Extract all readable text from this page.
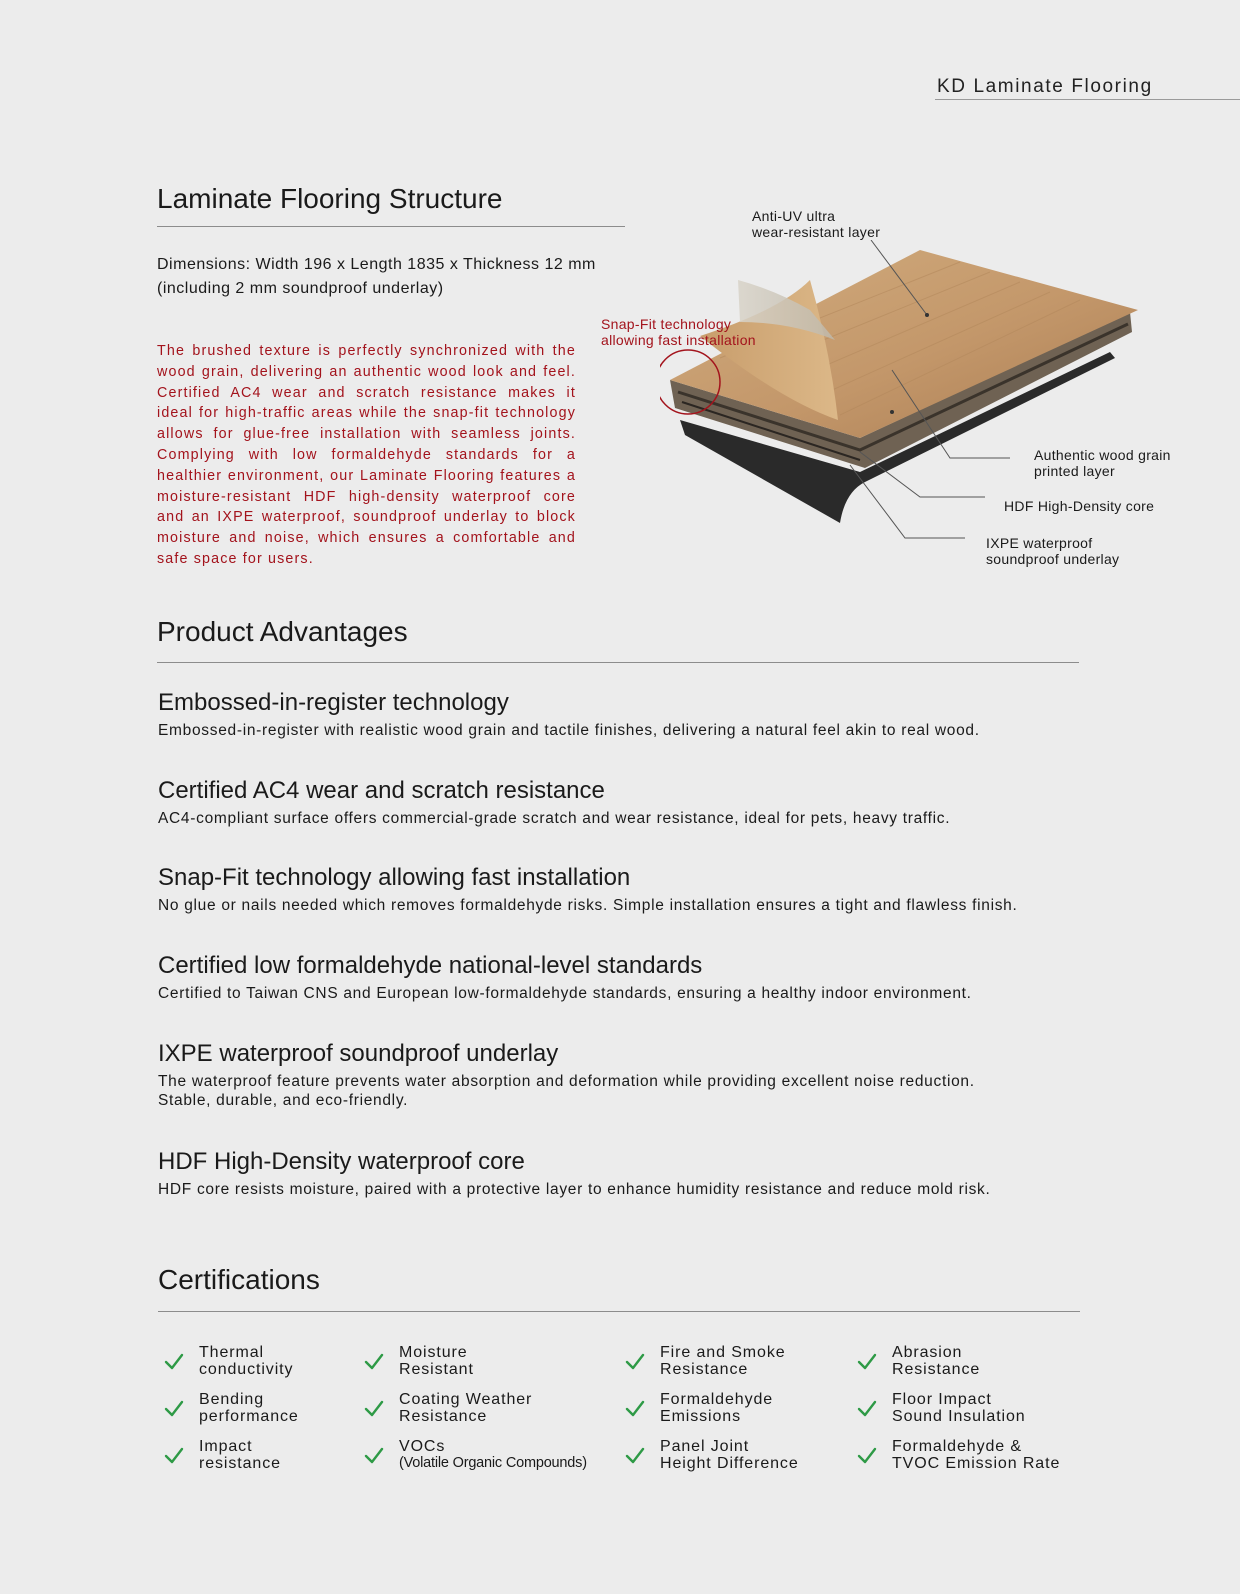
KD Laminate Flooring
Laminate Flooring Structure
Dimensions: Width 196 x Length 1835 x Thickness 12 mm
(including 2 mm soundproof underlay)
The brushed texture is perfectly synchronized with the wood grain, delivering an authentic wood look and feel. Certified AC4 wear and scratch resistance makes it ideal for high-traffic areas while the snap-fit technology allows for glue-free installation with seamless joints. Complying with low formaldehyde standards for a healthier environment, our Laminate Flooring features a moisture-resistant HDF high-density waterproof core and an IXPE waterproof, soundproof underlay to block moisture and noise, which ensures a comfortable and safe space for users.
Anti-UV ultra
wear-resistant layer
Snap-Fit technology
allowing fast installation
Authentic wood grain
printed layer
HDF High-Density core
IXPE waterproof
soundproof underlay
Product Advantages
Embossed-in-register technology
Embossed-in-register with realistic wood grain and tactile finishes, delivering a natural feel akin to real wood.
Certified AC4 wear and scratch resistance
AC4-compliant surface offers commercial-grade scratch and wear resistance, ideal for pets, heavy traffic.
Snap-Fit technology allowing fast installation
No glue or nails needed which removes formaldehyde risks. Simple installation ensures a tight and flawless finish.
Certified low formaldehyde national-level standards
Certified to Taiwan CNS and European low-formaldehyde standards, ensuring a healthy indoor environment.
IXPE waterproof soundproof underlay
The waterproof feature prevents water absorption and deformation while providing excellent noise reduction.
Stable, durable, and eco-friendly.
HDF High-Density waterproof core
HDF core resists moisture, paired with a protective layer to enhance humidity resistance and reduce mold risk.
Certifications
Thermal
conductivity
Moisture
Resistant
Fire and Smoke
Resistance
Abrasion
Resistance
Bending
performance
Coating Weather
Resistance
Formaldehyde
Emissions
Floor Impact
Sound Insulation
Impact
resistance
VOCs
(Volatile Organic Compounds)
Panel Joint
Height Difference
Formaldehyde &
TVOC Emission Rate
